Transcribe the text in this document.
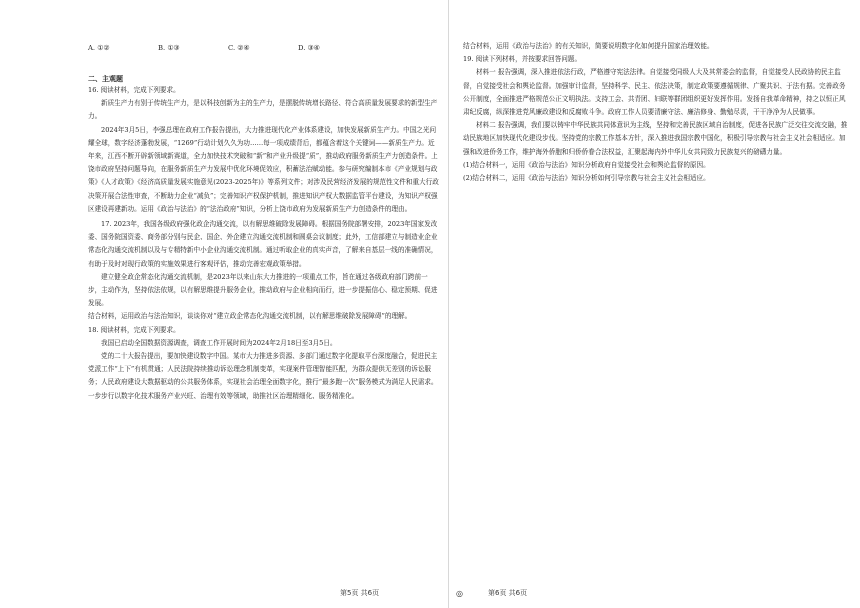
A. ①②	B. ①③	C. ②④	D. ③④

二、主观题

16. 阅读材料，完成下列要求。

新质生产力有别于传统生产力，是以科技创新为主的生产力，是摆脱传统增长路径、符合高质量发展要求的新型生产力。

2024年3月5日，李强总理在政府工作报告提出，大力推进现代化产业体系建设，加快发展新质生产力。中国之光问耀全球，数字经济蓬勃发展，“1269”行动计划久久为功……每一项成绩背后，都蕴含着这个关键词——新质生产力。近年来，江西不断开辟新领域新赛道，全力加快技术突破和“新”和产业升级提“质”，推动政府服务新质生产力创造条件。上饶市政府坚持问题导向，在服务新质生产力发展中优化环境促效应，积蓄法治赋动能。参与研究编制本市《产业规划与政策》《人才政策》《经济高质量发展实施意见(2023-2025年)》等系列文件；对涉及民营经济发展的规范性文件和重大行政决策开展合法性审查，不断助力企业“减负”；完善知识产权保护机制，推进知识产权大数据监管平台建设，为知识产权强区建设再建新功。运用《政治与法治》的“法治政府”知识，分析上饶市政府为发展新质生产力创造条件的理由。

17. 2023年，我国各级政府强化政企沟通交流，以有解思维破除发展障碍。根据国务院部署安排，2023年国家发改委、国务院国资委、商务部分别与民企、国企、外企建立沟通交流机制和圆桌会议制度；此外，工信部建立与制造业企业常态化沟通交流机制以及与专精特新中小企业沟通交流机制。通过听取企业的真实声音，了解来自基层一线的准确情况，有助于及时对现行政策的实施效果进行客观评估，推动完善宏观政策举措。

建立健全政企常态化沟通交流机制，是2023年以来山东大力推进的一项重点工作，旨在通过各级政府部门跨前一步，主动作为，坚持依法依规，以有解思维提升服务企业，推动政府与企业相向而行，进一步提振信心、稳定预期、促进发展。

结合材料，运用政治与法治知识，谈谈你对“建立政企常态化沟通交流机制，以有解思维破除发展障碍”的理解。

18. 阅读材料，完成下列要求。

我国已启动全国数据资源调查，调查工作开展时间为2024年2月18日至3月5日。

党的二十大报告提出，要加快建设数字中国。某市大力推进多资源、多部门通过数字化提取平台深度融合，促进民主党派工作“上下”有机贯通；人民法院持续推动诉讼理念机制变革，实现案件管理智能匹配，为群众提供无差别的诉讼服务；人民政府建设大数据驱动的公共服务体系，实现社会治理全面数字化，推行“最多跑一次”服务模式为满足人民需求。一步步行以数字化技术服务产业兴旺、治理有效等领域，助推社区治理精细化、服务精准化。

结合材料，运用《政治与法治》的有关知识，简要说明数字化如何提升国家治理效能。

19. 阅读下列材料，并按要求回答问题。

材料一 报告强调，深入推进依法行政，严格遵守宪法法律。自觉接受同级人大及其常委会的监督，自觉接受人民政协的民主监督，自觉接受社会和舆论监督。加强审计监督，坚持科学、民主、依法决策，制定政策要遵循规律、广聚共识、于法有据。完善政务公开制度，全面推进严格规范公正文明执法。支持工会、共青团、妇联等群团组织更好发挥作用。发扬自我革命精神，持之以恒正风肃纪反腐，纵深推进党风廉政建设和反腐败斗争。政府工作人员要清廉守法、廉洁修身、勤勉尽责，干干净净为人民做事。

材料二 报告强调，我们要以铸牢中华民族共同体意识为主线，坚持和完善民族区域自治制度，促进各民族广泛交往交流交融，推动民族地区加快现代化建设步伐。坚持党的宗教工作基本方针，深入推进我国宗教中国化，积极引导宗教与社会主义社会相适应。加强和改进侨务工作，维护海外侨胞和归侨侨眷合法权益，汇聚起海内外中华儿女共同致力民族复兴的磅礴力量。

(1)结合材料一，运用《政治与法治》知识分析政府自觉接受社会和舆论监督的原因。

(2)结合材料二，运用《政治与法治》知识分析如何引导宗教与社会主义社会相适应。

第5页 共6页	◎	第6页 共6页
